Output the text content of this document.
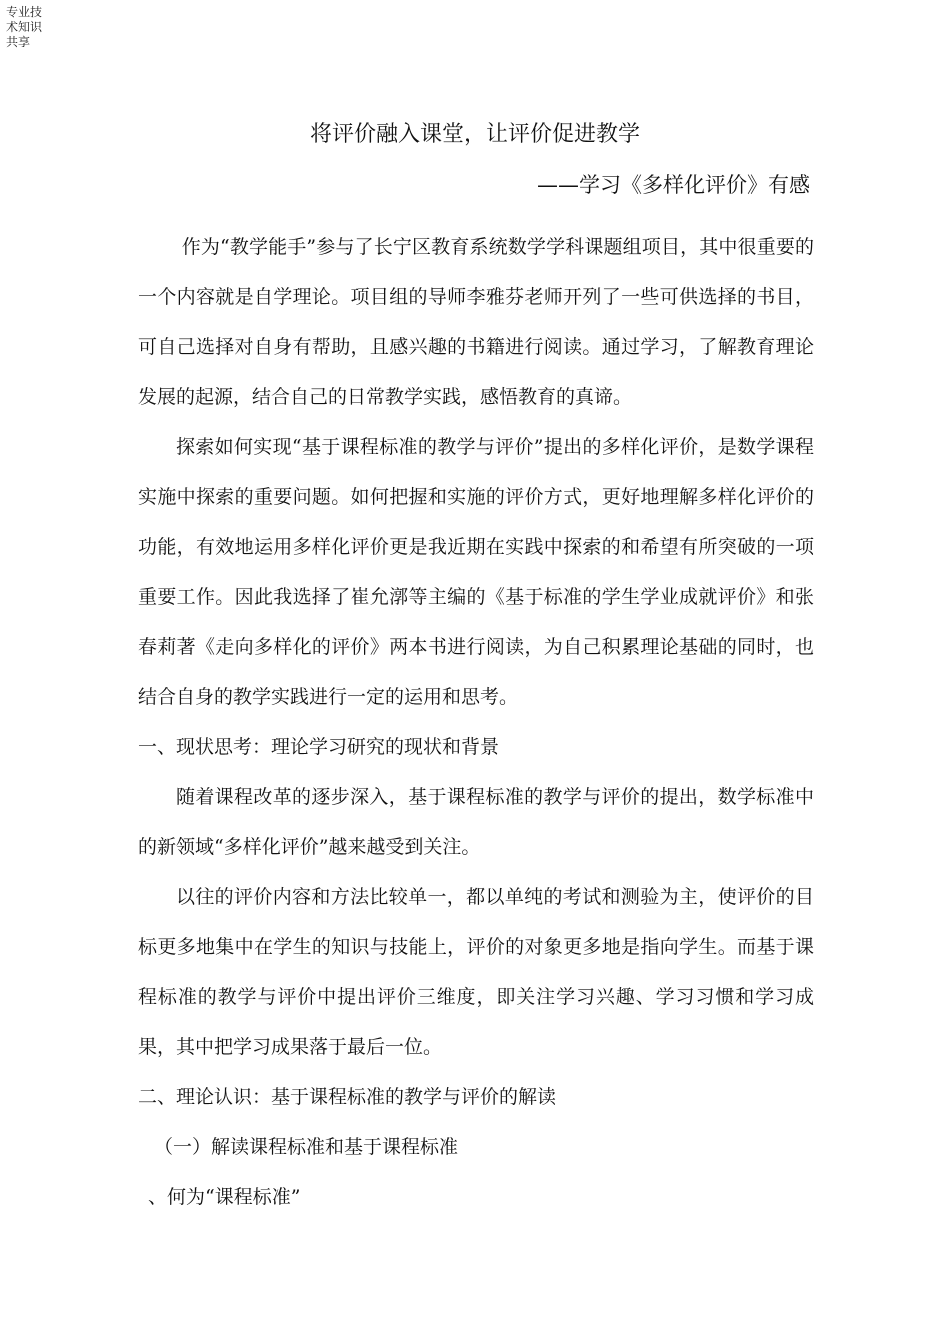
专业技
术知识
共享
将评价融入课堂，让评价促进教学
——学习《多样化评价》有感

作为“教学能手”参与了长宁区教育系统数学学科课题组项目，其中很重要的一个内容就是自学理论。项目组的导师李雅芬老师开列了一些可供选择的书目，可自己选择对自身有帮助，且感兴趣的书籍进行阅读。通过学习，了解教育理论发展的起源，结合自己的日常教学实践，感悟教育的真谛。

探索如何实现“基于课程标准的教学与评价”提出的多样化评价，是数学课程实施中探索的重要问题。如何把握和实施的评价方式，更好地理解多样化评价的功能，有效地运用多样化评价更是我近期在实践中探索的和希望有所突破的一项重要工作。因此我选择了崔允漷等主编的《基于标准的学生学业成就评价》和张春莉著《走向多样化的评价》两本书进行阅读，为自己积累理论基础的同时，也结合自身的教学实践进行一定的运用和思考。

一、现状思考：理论学习研究的现状和背景

随着课程改革的逐步深入，基于课程标准的教学与评价的提出，数学标准中的新领域“多样化评价”越来越受到关注。

以往的评价内容和方法比较单一，都以单纯的考试和测验为主，使评价的目标更多地集中在学生的知识与技能上，评价的对象更多地是指向学生。而基于课程标准的教学与评价中提出评价三维度，即关注学习兴趣、学习习惯和学习成果，其中把学习成果落于最后一位。

二、理论认识：基于课程标准的教学与评价的解读

（一）解读课程标准和基于课程标准

、何为“课程标准”
